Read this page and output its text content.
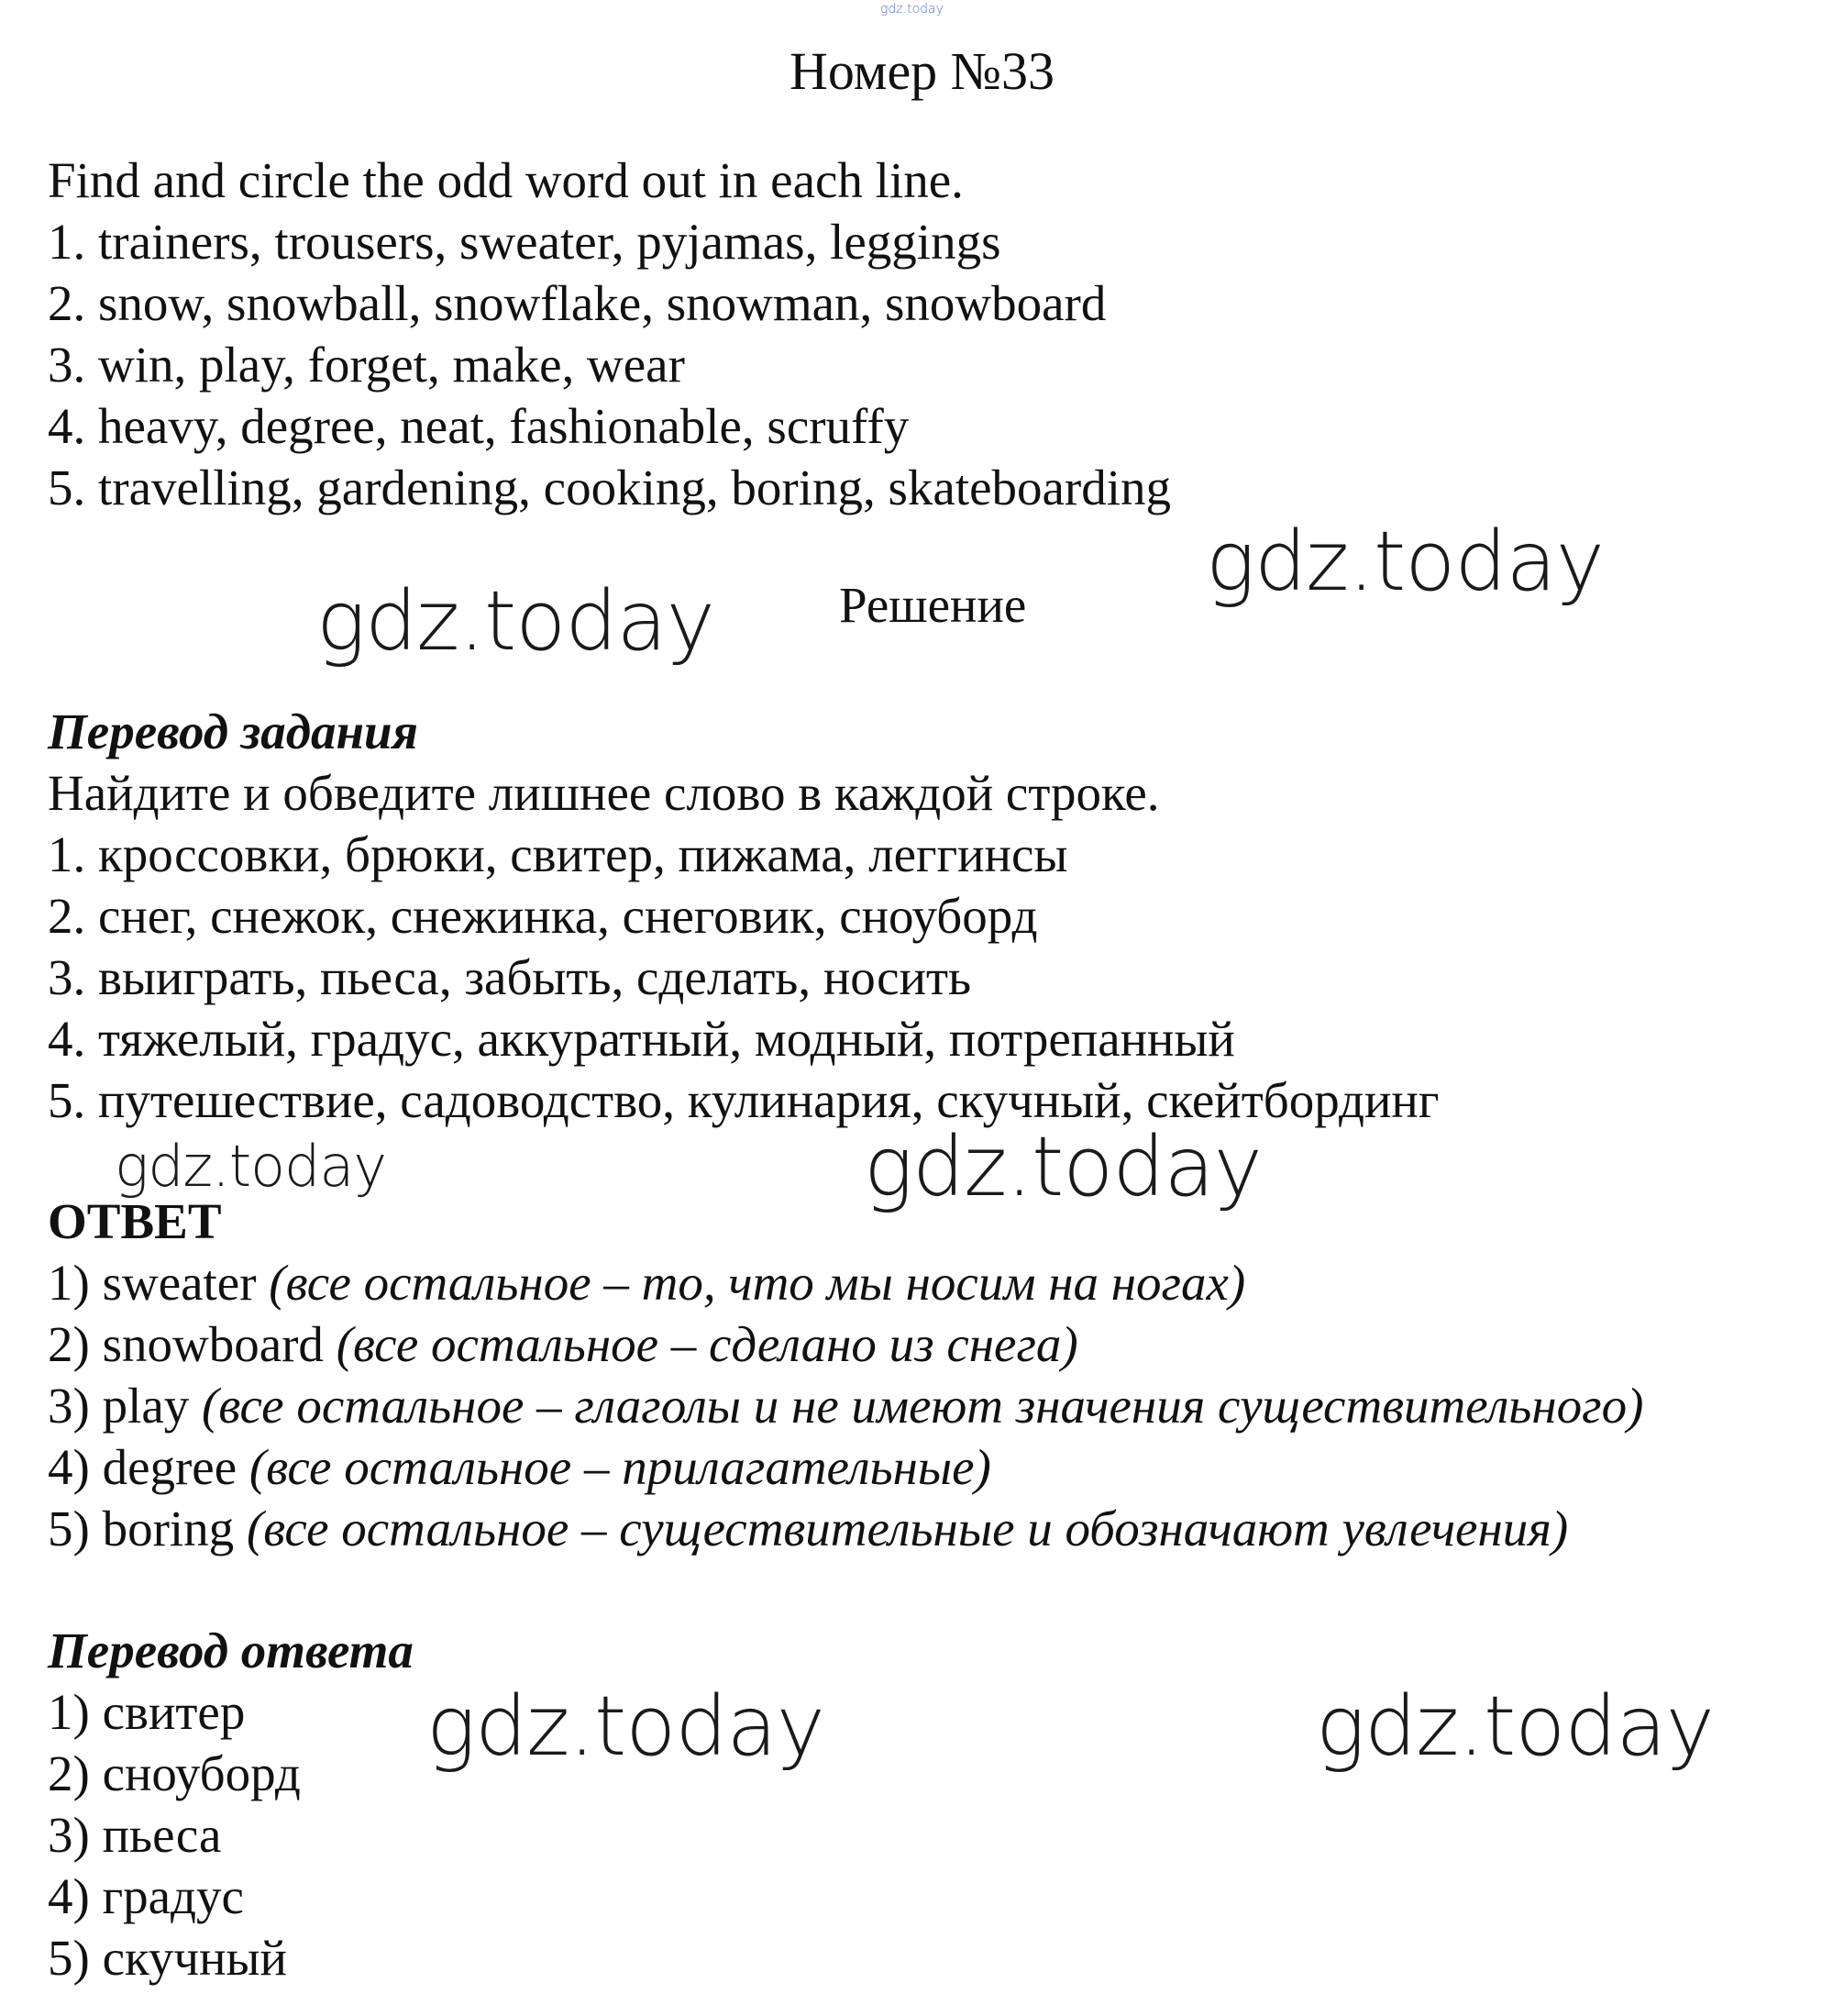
gdz.today
gdz.today
gdz.today
gdz.today	gdz.today
gdz.today	gdz.today
Номер №33
Find and circle the odd word out in each line.
1. trainers, trousers, sweater, pyjamas, leggings
2. snow, snowball, snowflake, snowman, snowboard
3. win, play, forget, make, wear
4. heavy, degree, neat, fashionable, scruffy
5. travelling, gardening, cooking, boring, skateboarding
Решение
Перевод задания
Найдите и обведите лишнее слово в каждой строке.
1. кроссовки, брюки, свитер, пижама, леггинсы
2. снег, снежок, снежинка, снеговик, сноуборд
3. выиграть, пьеса, забыть, сделать, носить
4. тяжелый, градус, аккуратный, модный, потрепанный
5. путешествие, садоводство, кулинария, скучный, скейтбординг
ОТВЕТ
1) sweater (все остальное – то, что мы носим на ногах)
2) snowboard (все остальное – сделано из снега)
3) play (все остальное – глаголы и не имеют значения существительного)
4) degree (все остальное – прилагательные)
5) boring (все остальное – существительные и обозначают увлечения)
Перевод ответа
1) свитер
2) сноуборд
3) пьеса
4) градус
5) скучный
